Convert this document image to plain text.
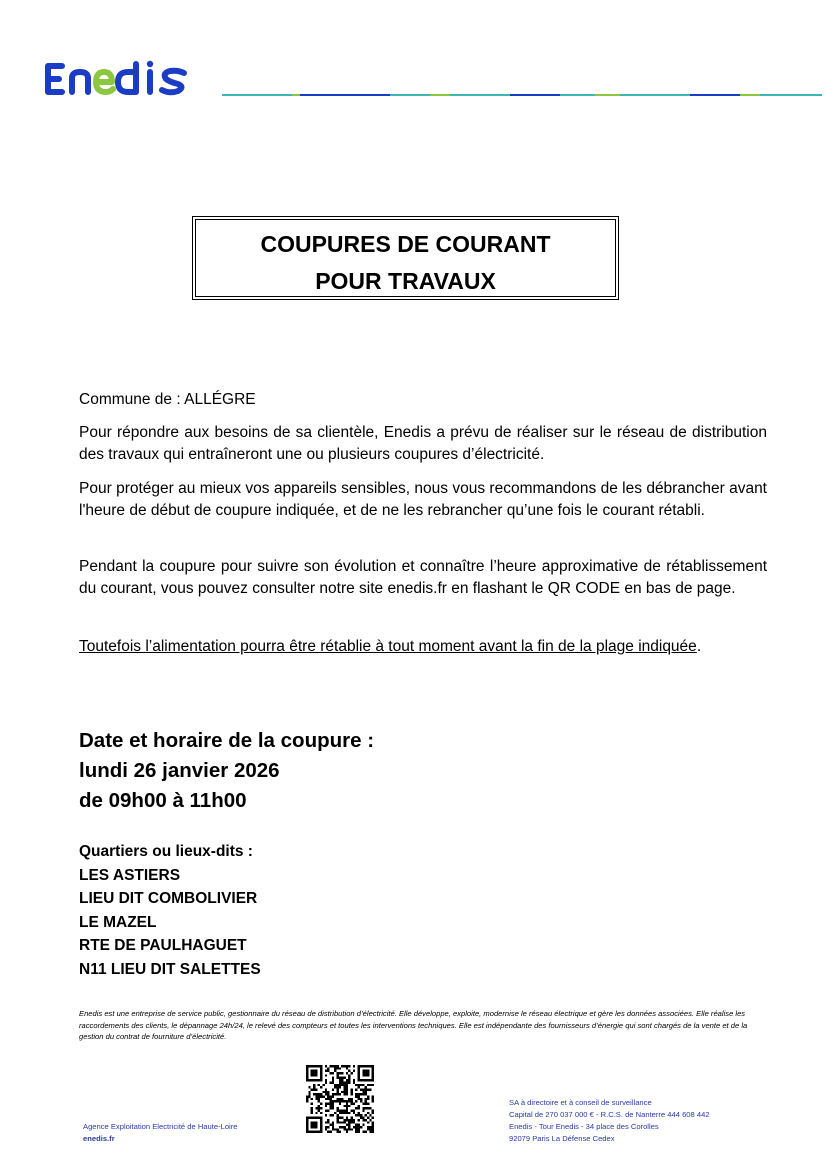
COUPURES DE COURANT
POUR TRAVAUX
Commune de : ALLÉGRE
Pour répondre aux besoins de sa clientèle, Enedis a prévu de réaliser sur le réseau de distribution des travaux qui entraîneront une ou plusieurs coupures d’électricité.
Pour protéger au mieux vos appareils sensibles, nous vous recommandons de les débrancher avant l'heure de début de coupure indiquée, et de ne les rebrancher qu’une fois le courant rétabli.
Pendant la coupure pour suivre son évolution et connaître l’heure approximative de rétablissement du courant, vous pouvez consulter notre site enedis.fr en flashant le QR CODE en bas de page.
Toutefois l’alimentation pourra être rétablie à tout moment avant la fin de la plage indiquée.
Date et horaire de la coupure :
lundi 26 janvier 2026
de 09h00 à 11h00
Quartiers ou lieux-dits :
LES ASTIERS
LIEU DIT COMBOLIVIER
LE MAZEL
RTE DE PAULHAGUET
N11 LIEU DIT SALETTES
Enedis est une entreprise de service public, gestionnaire du réseau de distribution d’électricité. Elle développe, exploite, modernise le réseau électrique et gère les données associées. Elle réalise les raccordements des clients, le dépannage 24h/24, le relevé des compteurs et toutes les interventions techniques. Elle est indépendante des fournisseurs d’énergie qui sont chargés de la vente et de la gestion du contrat de fourniture d’électricité.
Agence Exploitation Electricité de Haute-Loire
enedis.fr
SA à directoire et à conseil de surveillance
Capital de 270 037 000 € - R.C.S. de Nanterre 444 608 442
Enedis - Tour Enedis - 34 place des Corolles
92079 Paris La Défense Cedex
